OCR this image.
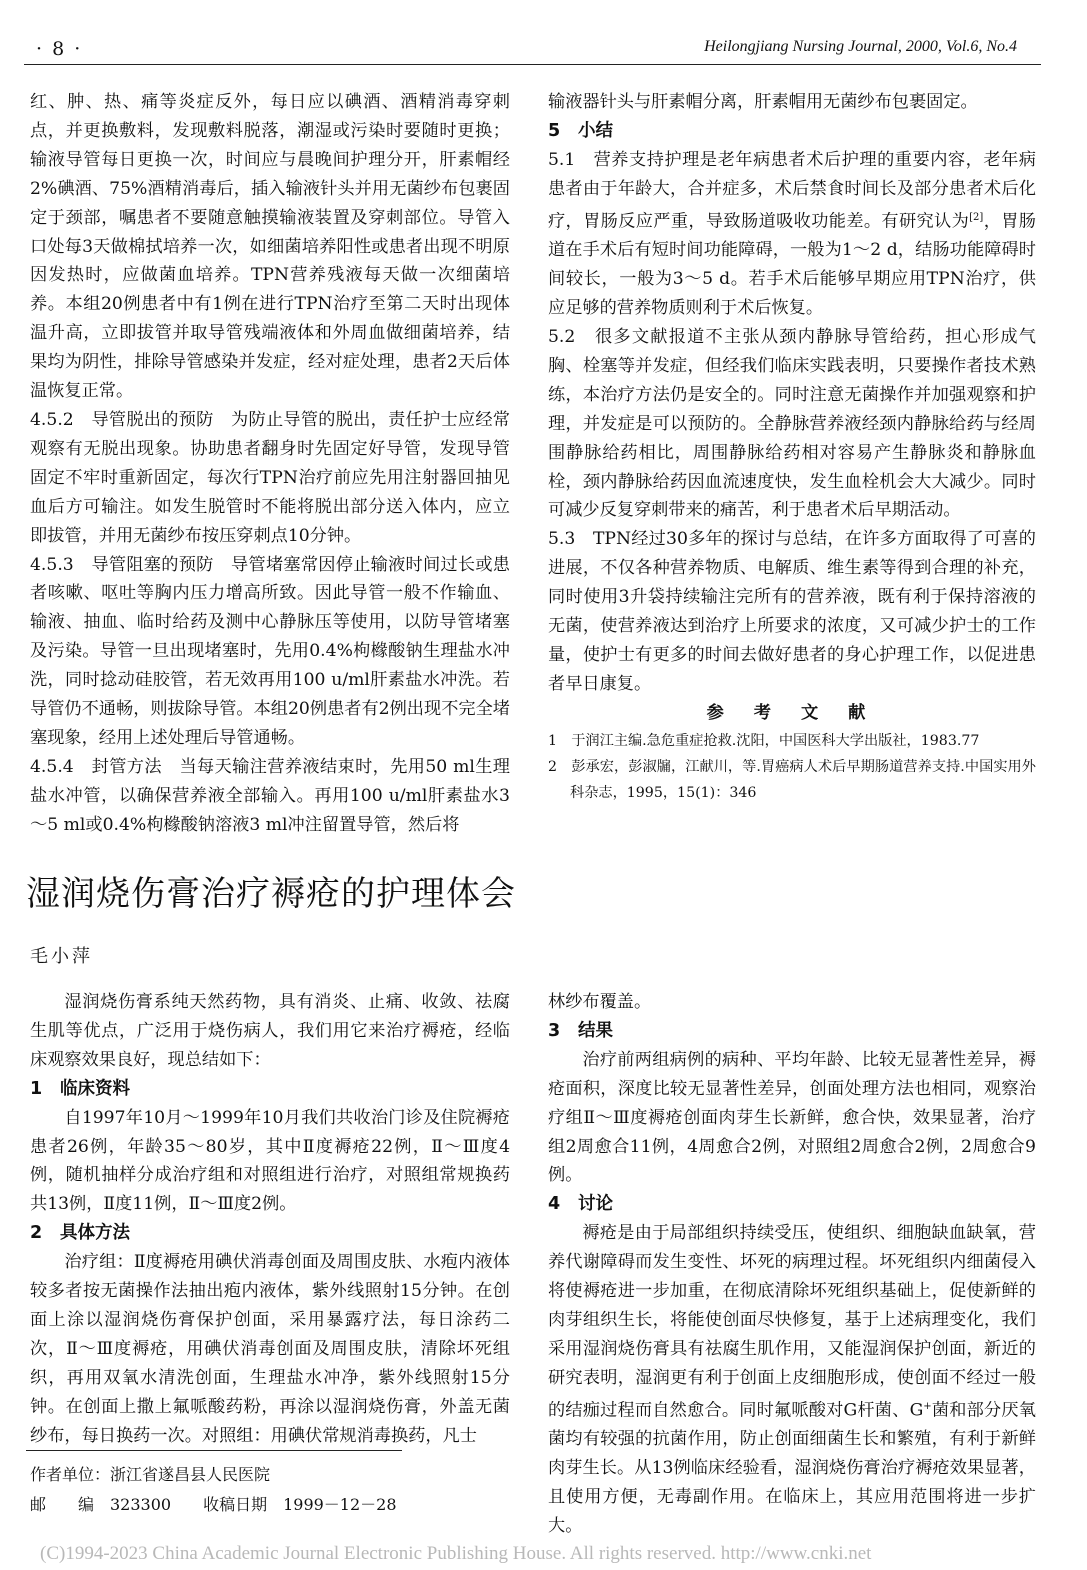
· 8 ·	Heilongjiang Nursing Journal, 2000, Vol.6, No.4

红、肿、热、痛等炎症反外，每日应以碘酒、酒精消毒穿刺点，并更换敷料，发现敷料脱落，潮湿或污染时要随时更换；输液导管每日更换一次，时间应与晨晚间护理分开，肝素帽经2%碘酒、75%酒精消毒后，插入输液针头并用无菌纱布包裹固定于颈部，嘱患者不要随意触摸输液装置及穿刺部位。导管入口处每3天做棉拭培养一次，如细菌培养阳性或患者出现不明原因发热时，应做菌血培养。TPN营养残液每天做一次细菌培养。本组20例患者中有1例在进行TPN治疗至第二天时出现体温升高，立即拔管并取导管残端液体和外周血做细菌培养，结果均为阴性，排除导管感染并发症，经对症处理，患者2天后体温恢复正常。

4.5.2　导管脱出的预防　为防止导管的脱出，责任护士应经常观察有无脱出现象。协助患者翻身时先固定好导管，发现导管固定不牢时重新固定，每次行TPN治疗前应先用注射器回抽见血后方可输注。如发生脱管时不能将脱出部分送入体内，应立即拔管，并用无菌纱布按压穿刺点10分钟。

4.5.3　导管阻塞的预防　导管堵塞常因停止输液时间过长或患者咳嗽、呕吐等胸内压力增高所致。因此导管一般不作输血、输液、抽血、临时给药及测中心静脉压等使用，以防导管堵塞及污染。导管一旦出现堵塞时，先用0.4%枸橼酸钠生理盐水冲洗，同时捻动硅胶管，若无效再用100 u/ml肝素盐水冲洗。若导管仍不通畅，则拔除导管。本组20例患者有2例出现不完全堵塞现象，经用上述处理后导管通畅。

4.5.4　封管方法　当每天输注营养液结束时，先用50 ml生理盐水冲管，以确保营养液全部输入。再用100 u/ml肝素盐水3～5 ml或0.4%枸橼酸钠溶液3 ml冲注留置导管，然后将

输液器针头与肝素帽分离，肝素帽用无菌纱布包裹固定。

5 小结

5.1　营养支持护理是老年病患者术后护理的重要内容，老年病患者由于年龄大，合并症多，术后禁食时间长及部分患者术后化疗，胃肠反应严重，导致肠道吸收功能差。有研究认为[2]，胃肠道在手术后有短时间功能障碍，一般为1～2 d，结肠功能障碍时间较长，一般为3～5 d。若手术后能够早期应用TPN治疗，供应足够的营养物质则利于术后恢复。

5.2　很多文献报道不主张从颈内静脉导管给药，担心形成气胸、栓塞等并发症，但经我们临床实践表明，只要操作者技术熟练，本治疗方法仍是安全的。同时注意无菌操作并加强观察和护理，并发症是可以预防的。全静脉营养液经颈内静脉给药与经周围静脉给药相比，周围静脉给药相对容易产生静脉炎和静脉血栓，颈内静脉给药因血流速度快，发生血栓机会大大减少。同时可减少反复穿刺带来的痛苦，利于患者术后早期活动。

5.3　TPN经过30多年的探讨与总结，在许多方面取得了可喜的进展，不仅各种营养物质、电解质、维生素等得到合理的补充，同时使用3升袋持续输注完所有的营养液，既有利于保持溶液的无菌，使营养液达到治疗上所要求的浓度，又可减少护士的工作量，使护士有更多的时间去做好患者的身心护理工作，以促进患者早日康复。

参 考 文 献

1　于润江主编.急危重症抢救.沈阳，中国医科大学出版社，1983.77

2　彭承宏，彭淑牖，江献川，等.胃癌病人术后早期肠道营养支持.中国实用外科杂志，1995，15(1)：346

湿润烧伤膏治疗褥疮的护理体会
毛小萍

湿润烧伤膏系纯天然药物，具有消炎、止痛、收敛、祛腐生肌等优点，广泛用于烧伤病人，我们用它来治疗褥疮，经临床观察效果良好，现总结如下：

1 临床资料

自1997年10月～1999年10月我们共收治门诊及住院褥疮患者26例，年龄35～80岁，其中Ⅱ度褥疮22例，Ⅱ～Ⅲ度4例，随机抽样分成治疗组和对照组进行治疗，对照组常规换药共13例，Ⅱ度11例，Ⅱ～Ⅲ度2例。

2 具体方法

治疗组：Ⅱ度褥疮用碘伏消毒创面及周围皮肤、水疱内液体较多者按无菌操作法抽出疱内液体，紫外线照射15分钟。在创面上涂以湿润烧伤膏保护创面，采用暴露疗法，每日涂药二次，Ⅱ～Ⅲ度褥疮，用碘伏消毒创面及周围皮肤，清除坏死组织，再用双氧水清洗创面，生理盐水冲净，紫外线照射15分钟。在创面上撒上氟哌酸药粉，再涂以湿润烧伤膏，外盖无菌纱布，每日换药一次。对照组：用碘伏常规消毒换药，凡士

林纱布覆盖。

3 结果

治疗前两组病例的病种、平均年龄、比较无显著性差异，褥疮面积，深度比较无显著性差异，创面处理方法也相同，观察治疗组Ⅱ～Ⅲ度褥疮创面肉芽生长新鲜，愈合快，效果显著，治疗组2周愈合11例，4周愈合2例，对照组2周愈合2例，2周愈合9例。

4 讨论

褥疮是由于局部组织持续受压，使组织、细胞缺血缺氧，营养代谢障碍而发生变性、坏死的病理过程。坏死组织内细菌侵入将使褥疮进一步加重，在彻底清除坏死组织基础上，促使新鲜的肉芽组织生长，将能使创面尽快修复，基于上述病理变化，我们采用湿润烧伤膏具有祛腐生肌作用，又能湿润保护创面，新近的研究表明，湿润更有利于创面上皮细胞形成，使创面不经过一般的结痂过程而自然愈合。同时氟哌酸对G杆菌、G+菌和部分厌氧菌均有较强的抗菌作用，防止创面细菌生长和繁殖，有利于新鲜肉芽生长。从13例临床经验看，湿润烧伤膏治疗褥疮效果显著，且使用方便，无毒副作用。在临床上，其应用范围将进一步扩大。

作者单位：浙江省遂昌县人民医院
邮　　编　323300　　收稿日期　1999－12－28
(C)1994-2023 China Academic Journal Electronic Publishing House. All rights reserved. http://www.cnki.net
